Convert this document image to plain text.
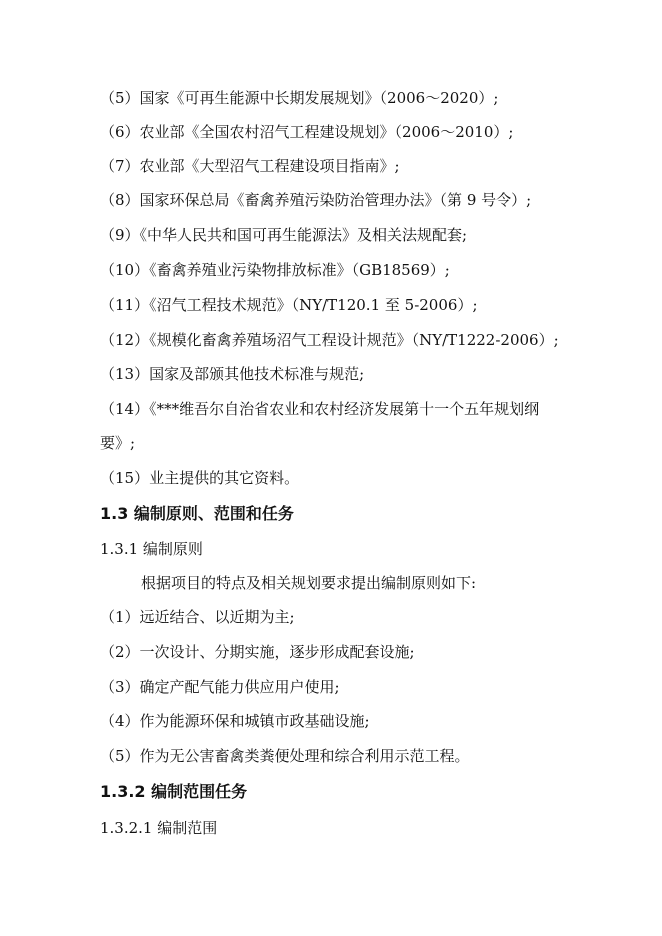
（5）国家《可再生能源中长期发展规划》（2006～2020）;
（6）农业部《全国农村沼气工程建设规划》（2006～2010）;
（7）农业部《大型沼气工程建设项目指南》;
（8）国家环保总局《畜禽养殖污染防治管理办法》（第 9 号令）;
（9）《中华人民共和国可再生能源法》及相关法规配套;
（10）《畜禽养殖业污染物排放标准》（GB18569）;
（11）《沼气工程技术规范》（NY/T120.1 至 5-2006）;
（12）《规模化畜禽养殖场沼气工程设计规范》（NY/T1222-2006）;
（13）国家及部颁其他技术标准与规范;
（14）《***维吾尔自治省农业和农村经济发展第十一个五年规划纲
要》;
（15）业主提供的其它资料。
1.3 编制原则、范围和任务
1.3.1 编制原则
根据项目的特点及相关规划要求提出编制原则如下:
（1）远近结合、以近期为主;
（2）一次设计、分期实施，逐步形成配套设施;
（3）确定产配气能力供应用户使用;
（4）作为能源环保和城镇市政基础设施;
（5）作为无公害畜禽类粪便处理和综合利用示范工程。
1.3.2 编制范围任务
1.3.2.1 编制范围
